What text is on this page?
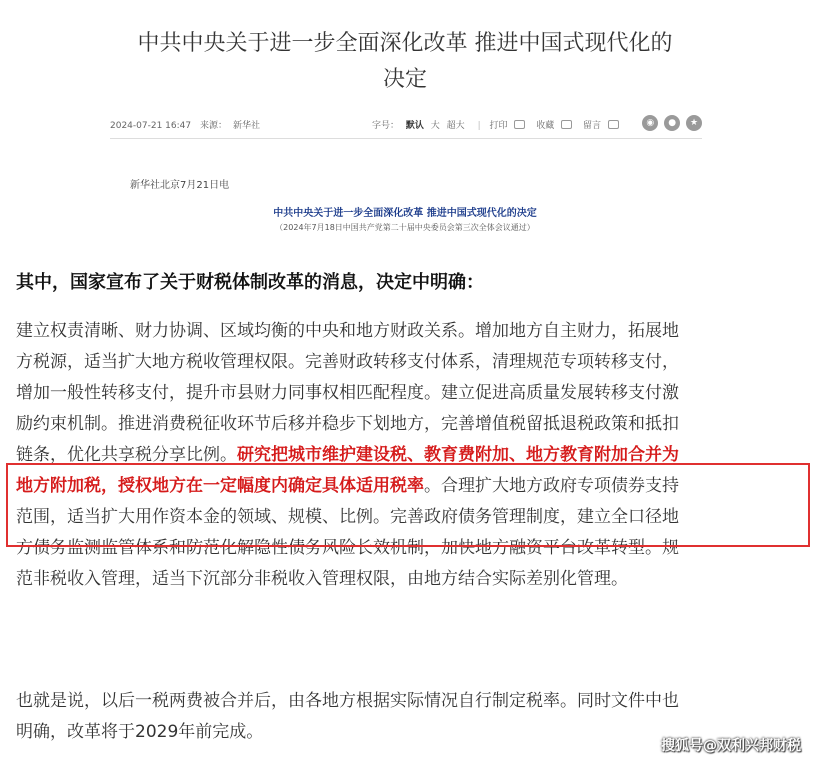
中共中央关于进一步全面深化改革 推进中国式现代化的
决定
2024-07-21 16:47 来源： 新华社	字号： 默认 大 超大 | 打印	收藏	留言	◉ ● ★
新华社北京7月21日电
中共中央关于进一步全面深化改革 推进中国式现代化的决定
（2024年7月18日中国共产党第二十届中央委员会第三次全体会议通过）
其中，国家宣布了关于财税体制改革的消息，决定中明确：
建立权责清晰、财力协调、区域均衡的中央和地方财政关系。增加地方自主财力，拓展地
方税源，适当扩大地方税收管理权限。完善财政转移支付体系，清理规范专项转移支付，
增加一般性转移支付，提升市县财力同事权相匹配程度。建立促进高质量发展转移支付激
励约束机制。推进消费税征收环节后移并稳步下划地方，完善增值税留抵退税政策和抵扣
链条，优化共享税分享比例。研究把城市维护建设税、教育费附加、地方教育附加合并为
地方附加税，授权地方在一定幅度内确定具体适用税率。合理扩大地方政府专项债券支持
范围，适当扩大用作资本金的领域、规模、比例。完善政府债务管理制度，建立全口径地
方债务监测监管体系和防范化解隐性债务风险长效机制，加快地方融资平台改革转型。规
范非税收入管理，适当下沉部分非税收入管理权限，由地方结合实际差别化管理。
也就是说，以后一税两费被合并后，由各地方根据实际情况自行制定税率。同时文件中也
明确，改革将于2029年前完成。
搜狐号@双利兴邦财税
